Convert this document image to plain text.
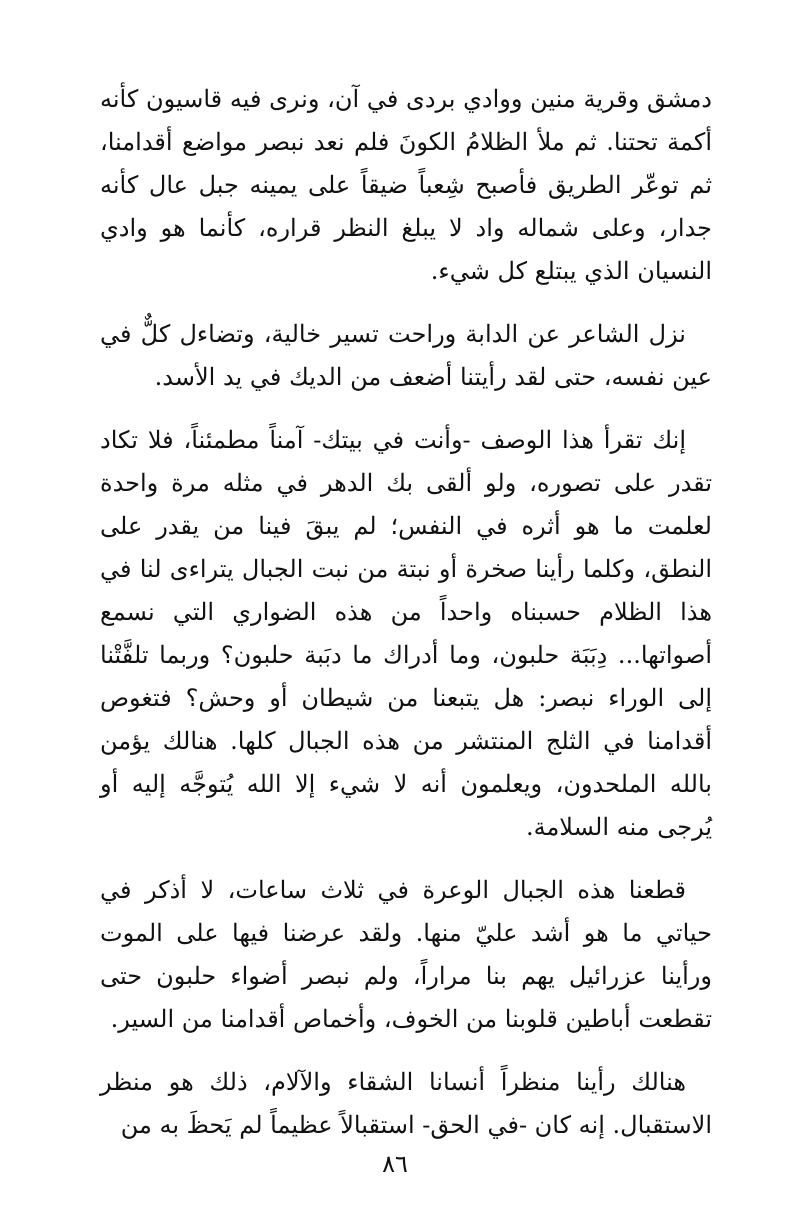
دمشق وقرية منين ووادي بردى في آن، ونرى فيه قاسيون كأنه أكمة تحتنا. ثم ملأ الظلامُ الكونَ فلم نعد نبصر مواضع أقدامنا، ثم توعّر الطريق فأصبح شِعباً ضيقاً على يمينه جبل عال كأنه جدار، وعلى شماله واد لا يبلغ النظر قراره، كأنما هو وادي النسيان الذي يبتلع كل شيء.

نزل الشاعر عن الدابة وراحت تسير خالية، وتضاءل كلٌّ في عين نفسه، حتى لقد رأيتنا أضعف من الديك في يد الأسد.

إنك تقرأ هذا الوصف -وأنت في بيتك- آمناً مطمئناً، فلا تكاد تقدر على تصوره، ولو ألقى بك الدهر في مثله مرة واحدة لعلمت ما هو أثره في النفس؛ لم يبقَ فينا من يقدر على النطق، وكلما رأينا صخرة أو نبتة من نبت الجبال يتراءى لنا في هذا الظلام حسبناه واحداً من هذه الضواري التي نسمع أصواتها... دِبَبَة حلبون، وما أدراك ما دبَبة حلبون؟ وربما تلفَّتْنا إلى الوراء نبصر: هل يتبعنا من شيطان أو وحش؟ فتغوص أقدامنا في الثلج المنتشر من هذه الجبال كلها. هنالك يؤمن بالله الملحدون، ويعلمون أنه لا شيء إلا الله يُتوجَّه إليه أو يُرجى منه السلامة.

قطعنا هذه الجبال الوعرة في ثلاث ساعات، لا أذكر في حياتي ما هو أشد عليّ منها. ولقد عرضنا فيها على الموت ورأينا عزرائيل يهم بنا مراراً، ولم نبصر أضواء حلبون حتى تقطعت أباطين قلوبنا من الخوف، وأخماص أقدامنا من السير.

هنالك رأينا منظراً أنسانا الشقاء والآلام، ذلك هو منظر الاستقبال. إنه كان -في الحق- استقبالاً عظيماً لم يَحظَ به من

٨٦
